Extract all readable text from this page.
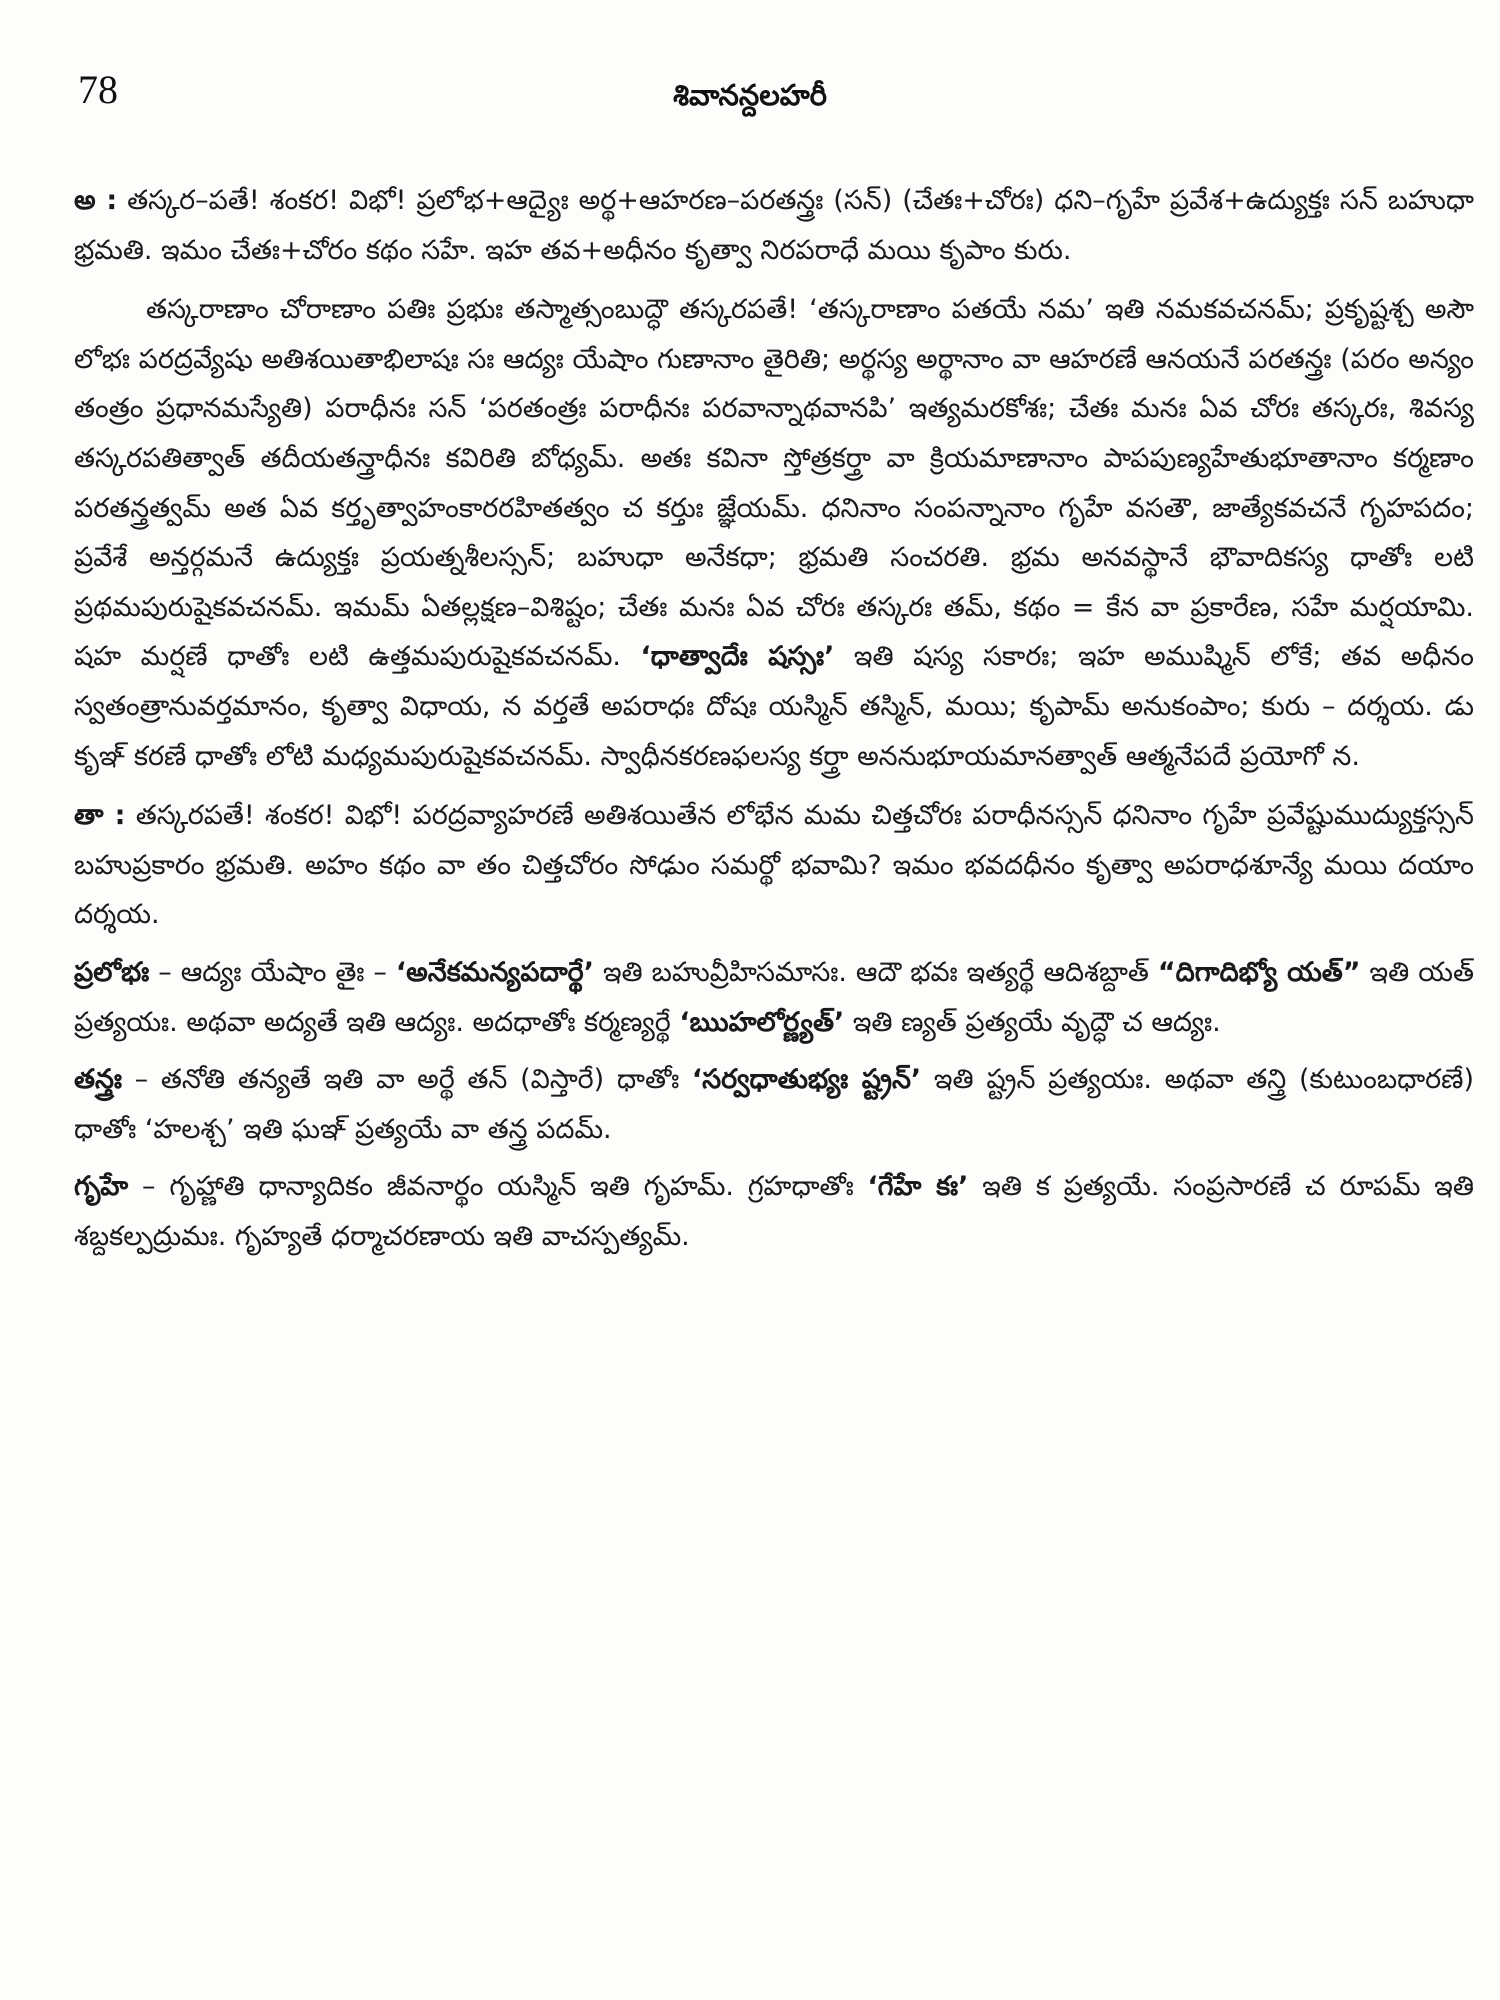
78	శివానన్దలహరీ

అ : తస్కర–పతే! శంకర! విభో! ప్రలోభ+ఆద్యైః అర్థ+ఆహరణ–పరతన్త్రః (సన్) (చేతః+చోరః) ధని–గృహే ప్రవేశ+ఉద్యుక్తః సన్ బహుధా భ్రమతి. ఇమం చేతః+చోరం కథం సహే. ఇహ తవ+అధీనం కృత్వా నిరపరాధే మయి కృపాం కురు.

తస్కరాణాం చోరాణాం పతిః ప్రభుః తస్మాత్సంబుద్ధౌ తస్కరపతే! ‘తస్కరాణాం పతయే నమ’ ఇతి నమకవచనమ్; ప్రకృష్టశ్చ అసౌ లోభః పరద్రవ్యేషు అతిశయితాభిలాషః సః ఆద్యః యేషాం గుణానాం తైరితి; అర్థస్య అర్థానాం వా ఆహరణే ఆనయనే పరతన్త్రః (పరం అన్యం తంత్రం ప్రధానమస్యేతి) పరాధీనః సన్ ‘పరతంత్రః పరాధీనః పరవాన్నాథవానపి’ ఇత్యమరకోశః; చేతః మనః ఏవ చోరః తస్కరః, శివస్య తస్కరపతిత్వాత్ తదీయతన్త్రాధీనః కవిరితి బోధ్యమ్. అతః కవినా స్తోత్రకర్త్రా వా క్రియమాణానాం పాపపుణ్యహేతుభూతానాం కర్మణాం పరతన్త్రత్వమ్ అత ఏవ కర్తృత్వాహంకారరహితత్వం చ కర్తుః జ్ఞేయమ్. ధనినాం సంపన్నానాం గృహే వసతౌ, జాత్యేకవచనే గృహపదం; ప్రవేశే అన్తర్గమనే ఉద్యుక్తః ప్రయత్నశీలస్సన్; బహుధా అనేకధా; భ్రమతి సంచరతి. భ్రమ అనవస్థానే భౌవాదికస్య ధాతోః లటి ప్రథమపురుషైకవచనమ్. ఇమమ్ ఏతల్లక్షణ–విశిష్టం; చేతః మనః ఏవ చోరః తస్కరః తమ్, కథం = కేన వా ప్రకారేణ, సహే మర్షయామి. షహ మర్షణే ధాతోః లటి ఉత్తమపురుషైకవచనమ్. ‘ధాత్వాదేః షస్సః’ ఇతి షస్య సకారః; ఇహ అముష్మిన్ లోకే; తవ అధీనం స్వతంత్రానువర్తమానం, కృత్వా విధాయ, న వర్తతే అపరాధః దోషః యస్మిన్ తస్మిన్, మయి; కృపామ్ అనుకంపాం; కురు – దర్శయ. డు కృఞ్ కరణే ధాతోః లోటి మధ్యమపురుషైకవచనమ్. స్వాధీనకరణఫలస్య కర్త్రా అననుభూయమానత్వాత్ ఆత్మనేపదే ప్రయోగో న.

తా : తస్కరపతే! శంకర! విభో! పరద్రవ్యాహరణే అతిశయితేన లోభేన మమ చిత్తచోరః పరాధీనస్సన్ ధనినాం గృహే ప్రవేష్టుముద్యుక్తస్సన్ బహుప్రకారం భ్రమతి. అహం కథం వా తం చిత్తచోరం సోఢుం సమర్థో భవామి? ఇమం భవదధీనం కృత్వా అపరాధశూన్యే మయి దయాం దర్శయ.

ప్రలోభః – ఆద్యః యేషాం తైః – ‘అనేకమన్యపదార్థే’ ఇతి బహువ్రీహిసమాసః. ఆదౌ భవః ఇత్యర్థే ఆదిశబ్దాత్ “దిగాదిభ్యో యత్” ఇతి యత్ ప్రత్యయః. అథవా అద్యతే ఇతి ఆద్యః. అదధాతోః కర్మణ్యర్థే ‘ఋహలోర్ణ్యత్’ ఇతి ణ్యత్ ప్రత్యయే వృద్ధౌ చ ఆద్యః.

తన్త్రః – తనోతి తన్యతే ఇతి వా అర్థే తన్ (విస్తారే) ధాతోః ‘సర్వధాతుభ్యః ష్ట్రన్’ ఇతి ష్ట్రన్ ప్రత్యయః. అథవా తన్త్రి (కుటుంబధారణే) ధాతోః ‘హలశ్చ’ ఇతి ఘఞ్ ప్రత్యయే వా తన్త్ర పదమ్.

గృహే – గృహ్ణాతి ధాన్యాదికం జీవనార్థం యస్మిన్ ఇతి గృహమ్. గ్రహధాతోః ‘గేహే కః’ ఇతి క ప్రత్యయే. సంప్రసారణే చ రూపమ్ ఇతి శబ్దకల్పద్రుమః. గృహ్యతే ధర్మాచరణాయ ఇతి వాచస్పత్యమ్.
